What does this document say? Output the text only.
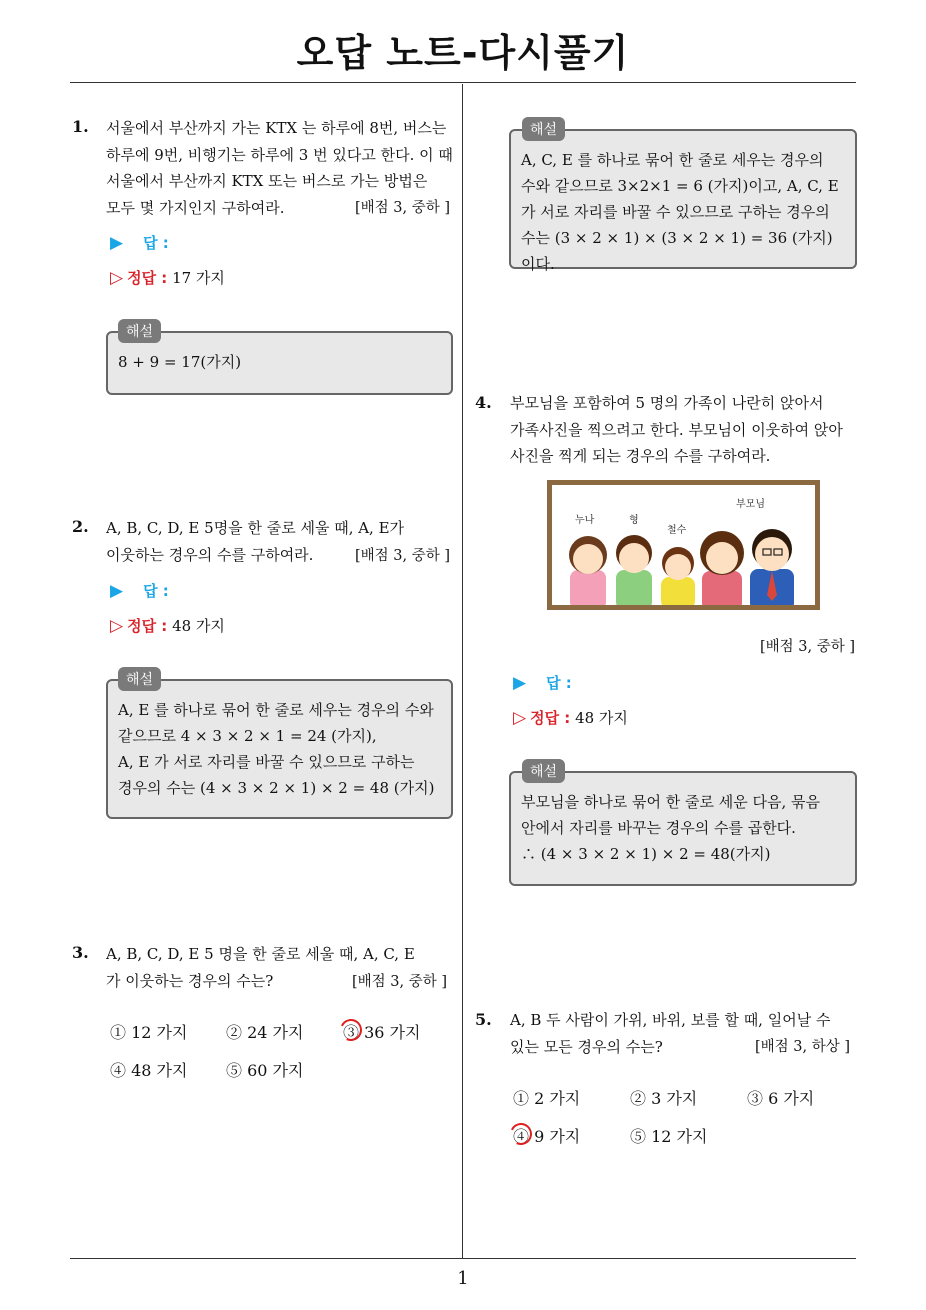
오답 노트-다시풀기
1
1. 서울에서 부산까지 가는 KTX 는 하루에 8번, 버스는
하루에 9번, 비행기는 하루에 3 번 있다고 한다. 이 때
서울에서 부산까지 KTX 또는 버스로 가는 방법은
모두 몇 가지인지 구하여라.	[배점 3, 중하 ]
▶ 답 :
▷ 정답 : 17 가지
8 + 9 = 17(가지)
해설
2. A, B, C, D, E 5명을 한 줄로 세울 때, A, E가
이웃하는 경우의 수를 구하여라.	[배점 3, 중하 ]
▶ 답 :
▷ 정답 : 48 가지
A, E 를 하나로 묶어 한 줄로 세우는 경우의 수와
같으므로 4 × 3 × 2 × 1 = 24 (가지),
A, E 가 서로 자리를 바꿀 수 있으므로 구하는
경우의 수는 (4 × 3 × 2 × 1) × 2 = 48 (가지)
해설
3. A, B, C, D, E 5 명을 한 줄로 세울 때, A, C, E
가 이웃하는 경우의 수는?	[배점 3, 중하 ]
① 12 가지 ② 24 가지 ③ 36 가지
④ 48 가지 ⑤ 60 가지
A, C, E 를 하나로 묶어 한 줄로 세우는 경우의
수와 같으므로 3×2×1 = 6 (가지)이고, A, C, E
가 서로 자리를 바꿀 수 있으므로 구하는 경우의
수는 (3 × 2 × 1) × (3 × 2 × 1) = 36 (가지)이다.
해설
4. 부모님을 포함하여 5 명의 가족이 나란히 앉아서
가족사진을 찍으려고 한다. 부모님이 이웃하여 앉아
사진을 찍게 되는 경우의 수를 구하여라.
누나	형
철수
부모님
[배점 3, 중하 ]
▶ 답 :
▷ 정답 : 48 가지
부모님을 하나로 묶어 한 줄로 세운 다음, 묶음
안에서 자리를 바꾸는 경우의 수를 곱한다.
∴ (4 × 3 × 2 × 1) × 2 = 48(가지)
해설
5. A, B 두 사람이 가위, 바위, 보를 할 때, 일어날 수
있는 모든 경우의 수는?	[배점 3, 하상 ]
① 2 가지	② 3 가지	③ 6 가지
④ 9 가지	⑤ 12 가지
